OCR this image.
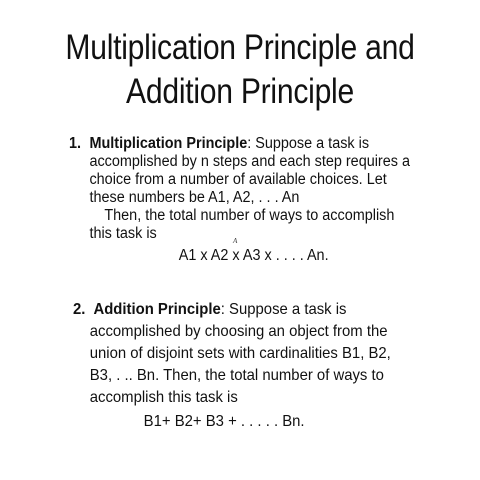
Multiplication Principle and
Addition Principle
1. Multiplication Principle: Suppose a task is
accomplished by n steps and each step requires a
choice from a number of available choices. Let
these numbers be A1, A2, . . . An
Then, the total number of ways to accomplish
this task is
A1 x A2 x A3 x . . . . An.
A
2. Addition Principle: Suppose a task is
accomplished by choosing an object from the
union of disjoint sets with cardinalities B1, B2,
B3, . .. Bn. Then, the total number of ways to
accomplish this task is
B1+ B2+ B3 + . . . . . Bn.
